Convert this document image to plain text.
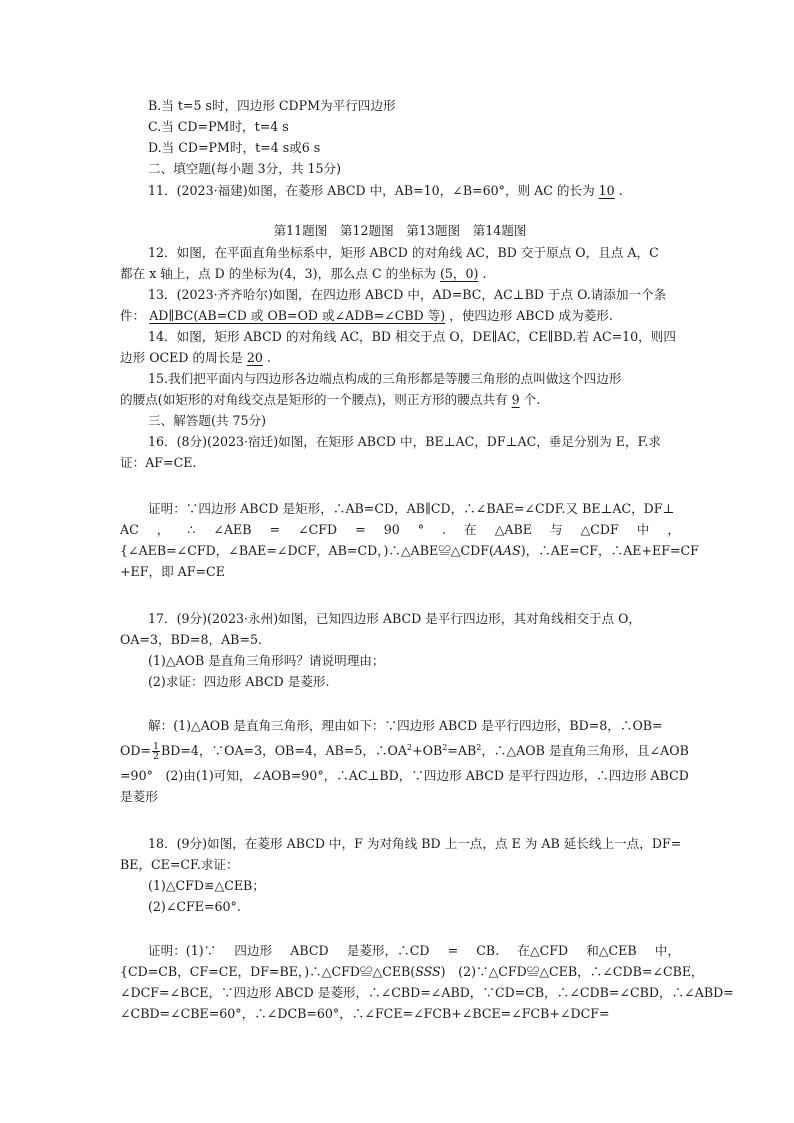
B.当 t=5 s时，四边形 CDPM为平行四边形
C.当 CD=PM时，t=4 s
D.当 CD=PM时，t=4 s或6 s
二、填空题(每小题 3分，共 15分)
11．(2023·福建)如图，在菱形 ABCD 中，AB=10，∠B=60°，则 AC 的长为 10 .
第11题图　第12题图　第13题图　第14题图
12．如图，在平面直角坐标系中，矩形 ABCD 的对角线 AC，BD 交于原点 O，且点 A，C
都在 x 轴上，点 D 的坐标为(4，3)，那么点 C 的坐标为 (5，0) .
13．(2023·齐齐哈尔)如图，在四边形 ABCD 中，AD=BC，AC⊥BD 于点 O.请添加一个条
件： AD∥BC(AB=CD 或 OB=OD 或∠ADB=∠CBD 等) ，使四边形 ABCD 成为菱形.
14．如图，矩形 ABCD 的对角线 AC，BD 相交于点 O，DE∥AC，CE∥BD.若 AC=10，则四
边形 OCED 的周长是 20 .
15.我们把平面内与四边形各边端点构成的三角形都是等腰三角形的点叫做这个四边形
的腰点(如矩形的对角线交点是矩形的一个腰点)，则正方形的腰点共有 9 个.
三、解答题(共 75分)
16．(8分)(2023·宿迁)如图，在矩形 ABCD 中，BE⊥AC，DF⊥AC，垂足分别为 E，F.求
证：AF=CE.
证明：∵四边形 ABCD 是矩形，∴AB=CD，AB∥CD，∴∠BAE=∠CDF.又 BE⊥AC，DF⊥
AC ， ∴ ∠AEB = ∠CFD = 90 ° . 在 △ABE 与 △CDF 中 ，
{∠AEB=∠CFD，∠BAE=∠DCF，AB=CD，)∴△ABE≌△CDF(AAS)，∴AE=CF，∴AE+EF=CF
+EF，即 AF=CE
17．(9分)(2023·永州)如图，已知四边形 ABCD 是平行四边形，其对角线相交于点 O，
OA=3，BD=8，AB=5.
(1)△AOB 是直角三角形吗？请说明理由；
(2)求证：四边形 ABCD 是菱形.
解：(1)△AOB 是直角三角形，理由如下：∵四边形 ABCD 是平行四边形，BD=8，∴OB=
$OD= \frac{1}{2} BD=4$，∵OA=3，OB=4，AB=5，$\therefore OA^2+OB^2=AB^2$，∴△AOB 是直角三角形，且∠AOB
=90°　(2)由(1)可知，∠AOB=90°，∴AC⊥BD，∵四边形 ABCD 是平行四边形，∴四边形 ABCD
是菱形
18．(9分)如图，在菱形 ABCD 中，F 为对角线 BD 上一点，点 E 为 AB 延长线上一点，DF=
BE，CE=CF.求证：
(1)△CFD≌△CEB；
(2)∠CFE=60°.
证明：(1)∵ 四边形 ABCD 是菱形，∴CD = CB. 在△CFD 和△CEB 中，
{CD=CB，CF=CE，DF=BE，)∴△CFD≌△CEB(SSS)　(2)∵△CFD≌△CEB，∴∠CDB=∠CBE，
∠DCF=∠BCE，∵四边形 ABCD 是菱形，∴∠CBD=∠ABD，∵CD=CB，∴∠CDB=∠CBD，∴∠ABD=
∠CBD=∠CBE=60°，∴∠DCB=60°，∴∠FCE=∠FCB+∠BCE=∠FCB+∠DCF=
